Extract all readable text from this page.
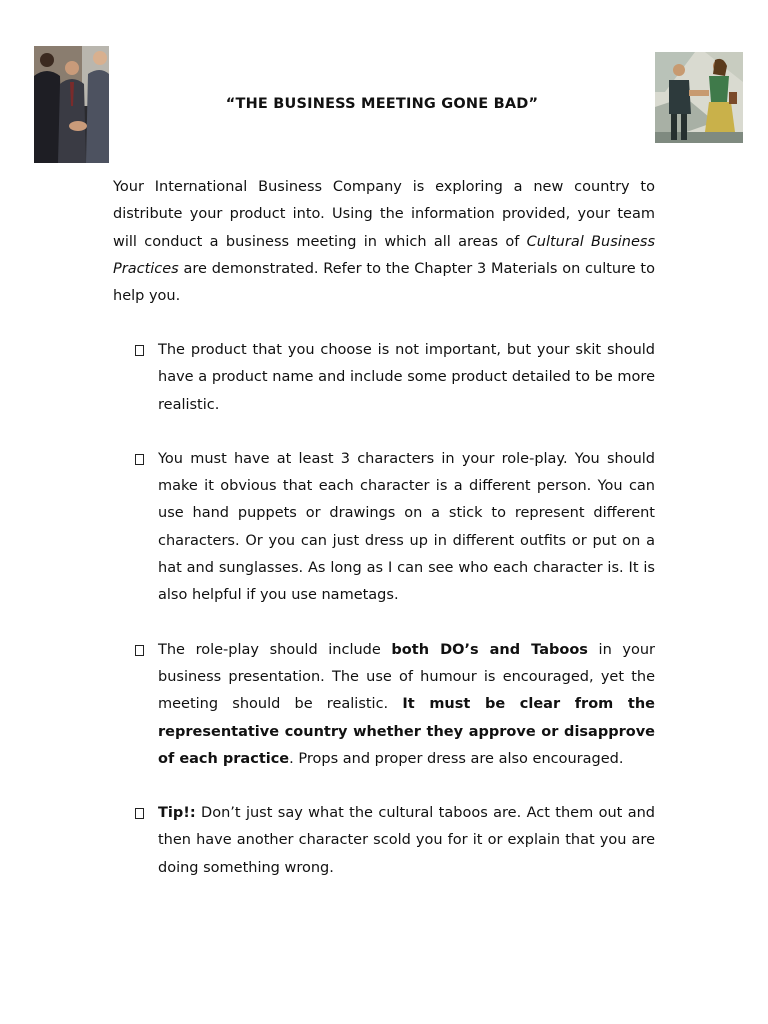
“THE BUSINESS MEETING GONE BAD”
Your International Business Company is exploring a new country to distribute your product into. Using the information provided, your team will conduct a business meeting in which all areas of Cultural Business Practices are demonstrated. Refer to the Chapter 3 Materials on culture to help you.
The product that you choose is not important, but your skit should have a product name and include some product detailed to be more realistic.
You must have at least 3 characters in your role-play. You should make it obvious that each character is a different person. You can use hand puppets or drawings on a stick to represent different characters. Or you can just dress up in different outfits or put on a hat and sunglasses. As long as I can see who each character is. It is also helpful if you use nametags.
The role-play should include both DO’s and Taboos in your business presentation. The use of humour is encouraged, yet the meeting should be realistic. It must be clear from the representative country whether they approve or disapprove of each practice. Props and proper dress are also encouraged.
Tip!: Don’t just say what the cultural taboos are. Act them out and then have another character scold you for it or explain that you are doing something wrong.
